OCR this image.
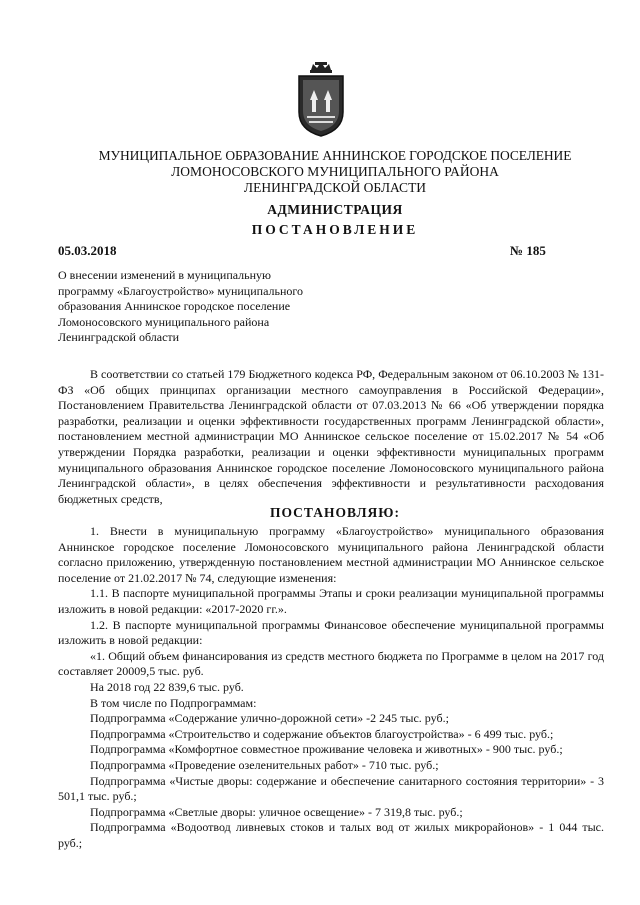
МУНИЦИПАЛЬНОЕ ОБРАЗОВАНИЕ АННИНСКОЕ ГОРОДСКОЕ ПОСЕЛЕНИЕ
ЛОМОНОСОВСКОГО МУНИЦИПАЛЬНОГО РАЙОНА
ЛЕНИНГРАДСКОЙ ОБЛАСТИ
АДМИНИСТРАЦИЯ
ПОСТАНОВЛЕНИЕ
05.03.2018	№ 185
О внесении изменений в муниципальную
программу «Благоустройство» муниципального
образования Аннинское городское поселение
Ломоносовского муниципального района
Ленинградской области
В соответствии со статьей 179 Бюджетного кодекса РФ, Федеральным законом от 06.10.2003 № 131-ФЗ «Об общих принципах организации местного самоуправления в Российской Федерации», Постановлением Правительства Ленинградской области от 07.03.2013 № 66 «Об утверждении порядка разработки, реализации и оценки эффективности государственных программ Ленинградской области», постановлением местной администрации МО Аннинское сельское поселение от 15.02.2017 № 54 «Об утверждении Порядка разработки, реализации и оценки эффективности муниципальных программ муниципального образования Аннинское городское поселение Ломоносовского муниципального района Ленинградской области», в целях обеспечения эффективности и результативности расходования бюджетных средств,
ПОСТАНОВЛЯЮ:

1. Внести в муниципальную программу «Благоустройство» муниципального образования Аннинское городское поселение Ломоносовского муниципального района Ленинградской области согласно приложению, утвержденную постановлением местной администрации МО Аннинское сельское поселение от 21.02.2017 № 74, следующие изменения:

1.1. В паспорте муниципальной программы Этапы и сроки реализации муниципальной программы изложить в новой редакции: «2017-2020 гг.».

1.2. В паспорте муниципальной программы Финансовое обеспечение муниципальной программы изложить в новой редакции:

«1. Общий объем финансирования из средств местного бюджета по Программе в целом на 2017 год составляет 20009,5 тыс. руб.

На 2018 год 22 839,6 тыс. руб.

В том числе по Подпрограммам:

Подпрограмма «Содержание улично-дорожной сети» -2 245 тыс. руб.;

Подпрограмма «Строительство и содержание объектов благоустройства» - 6 499 тыс. руб.;

Подпрограмма «Комфортное совместное проживание человека и животных» - 900 тыс. руб.;

Подпрограмма «Проведение озеленительных работ» - 710 тыс. руб.;

Подпрограмма «Чистые дворы: содержание и обеспечение санитарного состояния территории» - 3 501,1 тыс. руб.;

Подпрограмма «Светлые дворы: уличное освещение» - 7 319,8 тыс. руб.;

Подпрограмма «Водоотвод ливневых стоков и талых вод от жилых микрорайонов» - 1 044 тыс. руб.;
